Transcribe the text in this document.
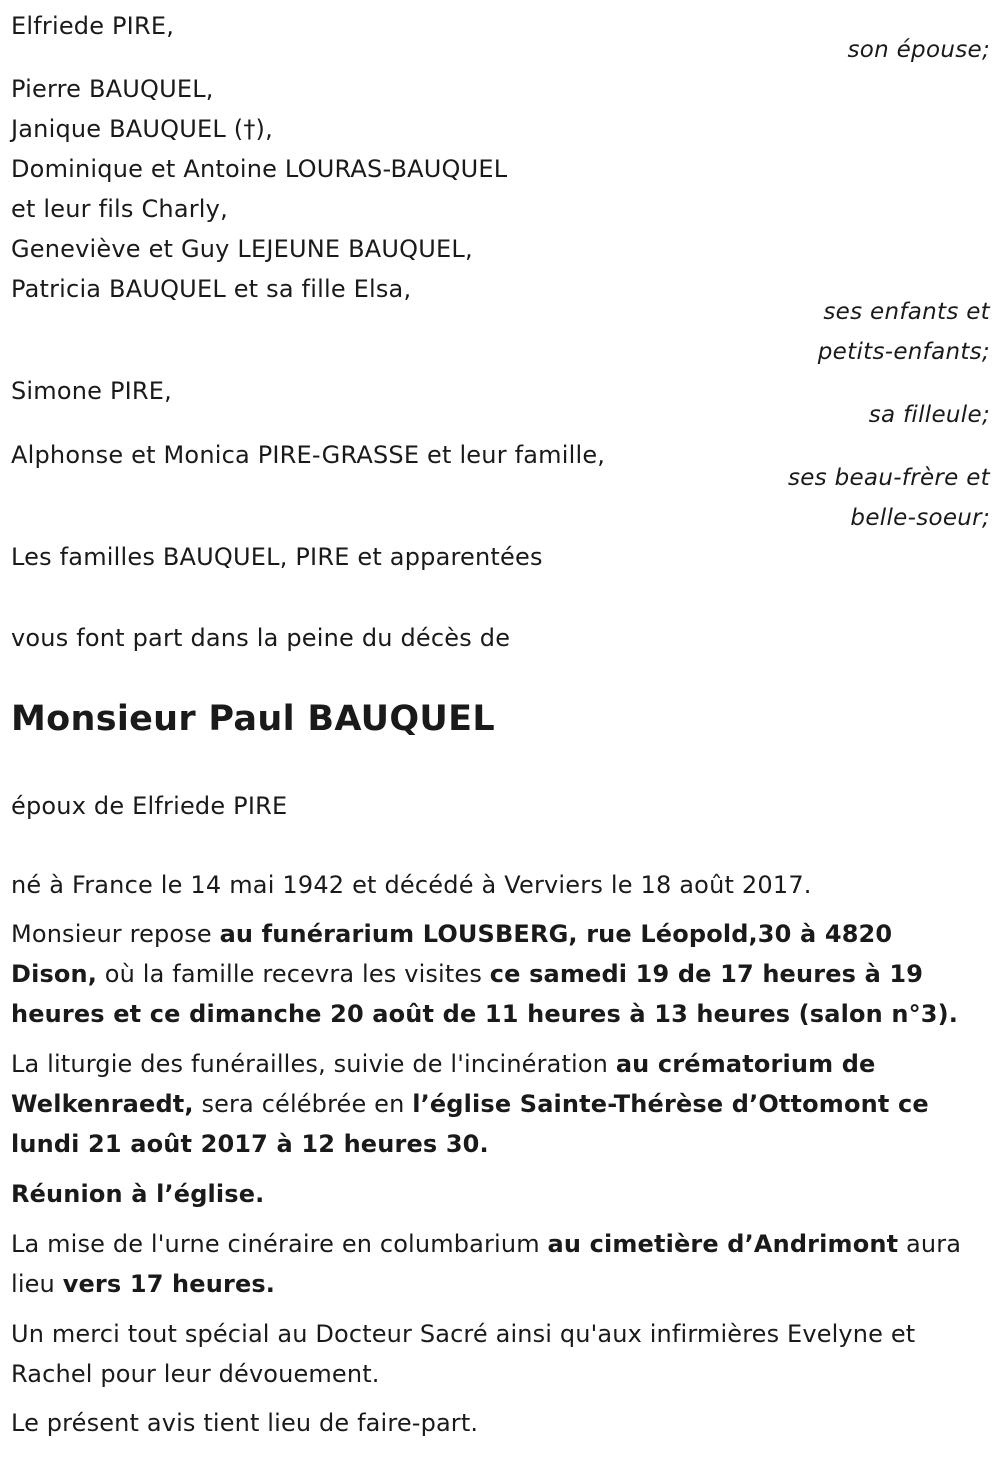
Elfriede PIRE,
son épouse;
Pierre BAUQUEL,
Janique BAUQUEL (†),
Dominique et Antoine LOURAS-BAUQUEL
et leur fils Charly,
Geneviève et Guy LEJEUNE BAUQUEL,
Patricia BAUQUEL et sa fille Elsa,
ses enfants et
petits-enfants;
Simone PIRE,
sa filleule;
Alphonse et Monica PIRE-GRASSE et leur famille,
ses beau-frère et
belle-soeur;
Les familles BAUQUEL, PIRE et apparentées
vous font part dans la peine du décès de
Monsieur Paul BAUQUEL
époux de Elfriede PIRE
né à France le 14 mai 1942 et décédé à Verviers le 18 août 2017.
Monsieur repose au funérarium LOUSBERG, rue Léopold,30 à 4820 Dison, où la famille recevra les visites ce samedi 19 de 17 heures à 19 heures et ce dimanche 20 août de 11 heures à 13 heures (salon n°3).
La liturgie des funérailles, suivie de l'incinération au crématorium de Welkenraedt, sera célébrée en l’église Sainte-Thérèse d’Ottomont ce lundi 21 août 2017 à 12 heures 30.
Réunion à l’église.
La mise de l'urne cinéraire en columbarium au cimetière d’Andrimont aura lieu vers 17 heures.
Un merci tout spécial au Docteur Sacré ainsi qu'aux infirmières Evelyne et Rachel pour leur dévouement.
Le présent avis tient lieu de faire-part.
